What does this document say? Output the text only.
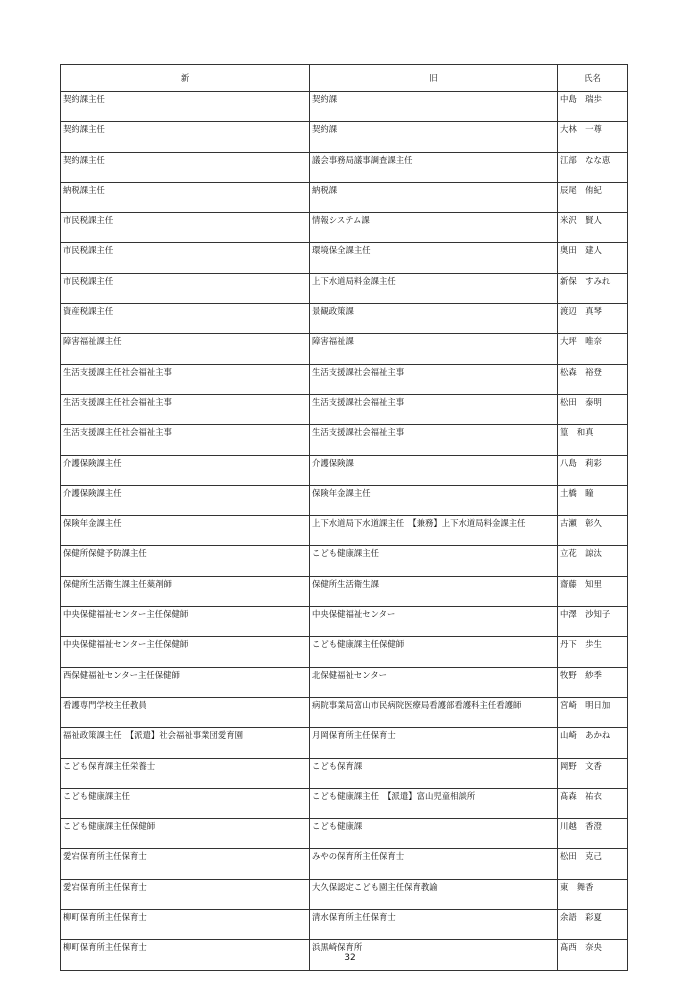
新	旧	氏名
契約課主任	契約課	中島　瑞歩
契約課主任	契約課	大林　一尊
契約課主任	議会事務局議事調査課主任	江部　なな恵
納税課主任	納税課	辰尾　侑紀
市民税課主任	情報システム課	米沢　賢人
市民税課主任	環境保全課主任	奥田　建人
市民税課主任	上下水道局料金課主任	新保　すみれ
資産税課主任	景観政策課	渡辺　真琴
障害福祉課主任	障害福祉課	大坪　唯奈
生活支援課主任社会福祉主事	生活支援課社会福祉主事	松森　裕登
生活支援課主任社会福祉主事	生活支援課社会福祉主事	松田　泰明
生活支援課主任社会福祉主事	生活支援課社会福祉主事	篁　和真
介護保険課主任	介護保険課	八島　莉彩
介護保険課主任	保険年金課主任	土橋　瞳
保険年金課主任	上下水道局下水道課主任　【兼務】上下水道局料金課主任	古瀬　彰久
保健所保健予防課主任	こども健康課主任	立花　諒汰
保健所生活衛生課主任薬剤師	保健所生活衛生課	齋藤　知里
中央保健福祉センター主任保健師	中央保健福祉センター	中澤　沙知子
中央保健福祉センター主任保健師	こども健康課主任保健師	丹下　歩生
西保健福祉センター主任保健師	北保健福祉センター	牧野　紗季
看護専門学校主任教員	病院事業局富山市民病院医療局看護部看護科主任看護師	宮崎　明日加
福祉政策課主任　【派遣】社会福祉事業団愛育園	月岡保育所主任保育士	山崎　あかね
こども保育課主任栄養士	こども保育課	岡野　文香
こども健康課主任	こども健康課主任　【派遣】富山児童相談所	髙森　祐衣
こども健康課主任保健師	こども健康課	川越　香澄
愛宕保育所主任保育士	みやの保育所主任保育士	松田　克己
愛宕保育所主任保育士	大久保認定こども園主任保育教諭	東　舞香
柳町保育所主任保育士	清水保育所主任保育士	余語　彩夏
柳町保育所主任保育士	浜黒崎保育所	髙西　奈央
32
